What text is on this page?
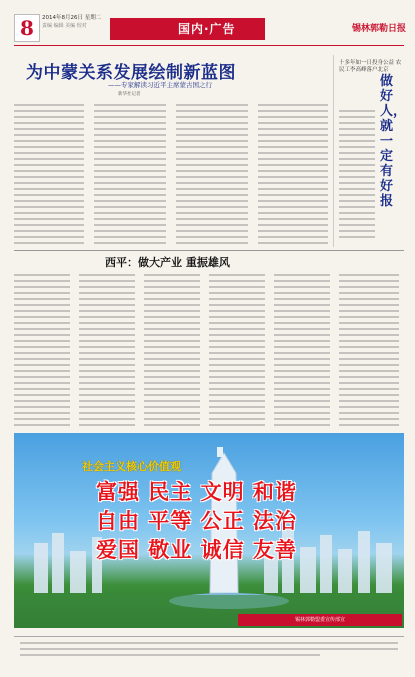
8	2014年8月26日 星期二
责编 编辑 美编 校对	国内·广告	锡林郭勒日报
为中蒙关系发展绘制新蓝图
——专家解读习近平主席蒙古国之行
新华社记者
十多年如一日投身公益 农民工李高峰落户北京
做好人，就一定有好报
西平：做大产业 重振雄风
社会主义核心价值观
富强 民主 文明 和谐
自由 平等 公正 法治
爱国 敬业 诚信 友善
锡林郭勒盟委宣传部宣
